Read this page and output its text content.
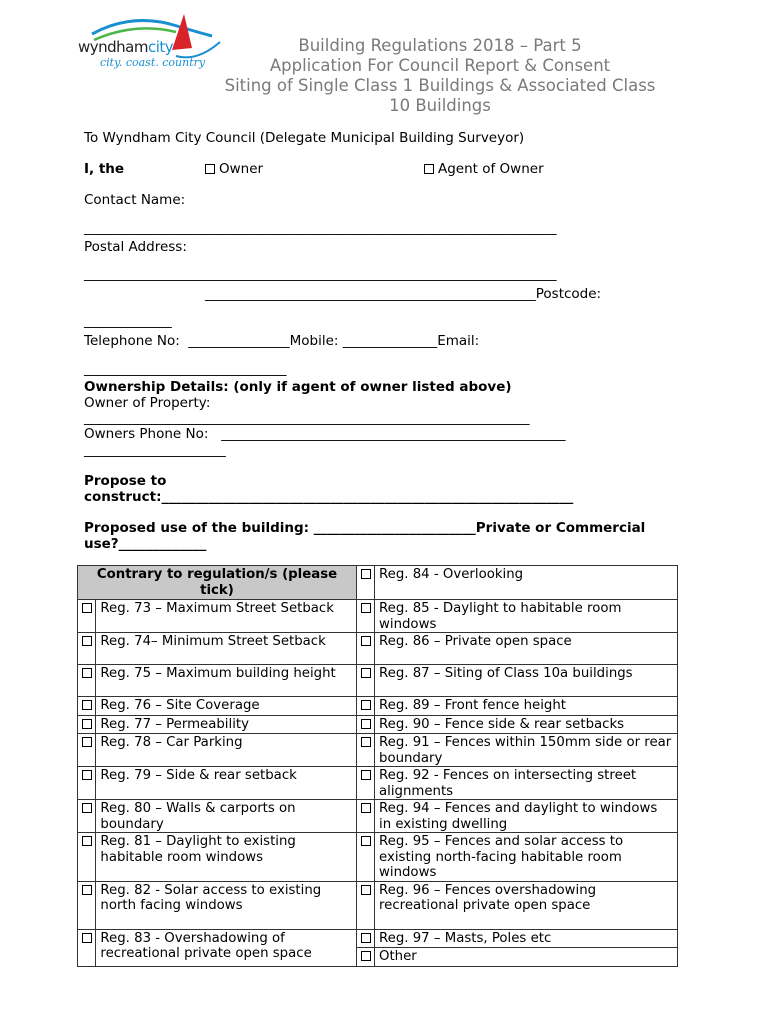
wyndhamcity
city. coast. country
Building Regulations 2018 – Part 5
Application For Council Report & Consent
Siting of Single Class 1 Buildings & Associated Class
10 Buildings
To Wyndham City Council (Delegate Municipal Building Surveyor)
I, the	Owner	Agent of Owner
Contact Name:
______________________________________________________________________
Postal Address:
______________________________________________________________________
_________________________________________________Postcode:
_____________
Telephone No:  _______________Mobile: ______________Email:
______________________________
Ownership Details: (only if agent of owner listed above)
Owner of Property:
__________________________________________________________________
Owners Phone No:   ___________________________________________________
_____________________
Propose to
construct:_____________________________________________________________
Proposed use of the building: ________________________Private or Commercial
use?_____________
Contrary to regulation/s (please tick)			Reg. 84 - Overlooking
	Reg. 73 – Maximum Street Setback		Reg. 85 - Daylight to habitable room windows
	Reg. 74– Minimum Street Setback		Reg. 86 – Private open space
	Reg. 75 – Maximum building height		Reg. 87 – Siting of Class 10a buildings
	Reg. 76 – Site Coverage		Reg. 89 – Front fence height
	Reg. 77 – Permeability		Reg. 90 – Fence side & rear setbacks
	Reg. 78 – Car Parking		Reg. 91 – Fences within 150mm side or rear boundary
	Reg. 79 – Side & rear setback		Reg. 92 - Fences on intersecting street alignments
	Reg. 80 – Walls & carports on boundary		Reg. 94 – Fences and daylight to windows in existing dwelling
	Reg. 81 – Daylight to existing habitable room windows		Reg. 95 – Fences and solar access to existing north-facing habitable room windows
	Reg. 82 - Solar access to existing north facing windows		Reg. 96 – Fences overshadowing recreational private open space
	Reg. 83 - Overshadowing of recreational private open space		Reg. 97 – Masts, Poles etc
			Other
